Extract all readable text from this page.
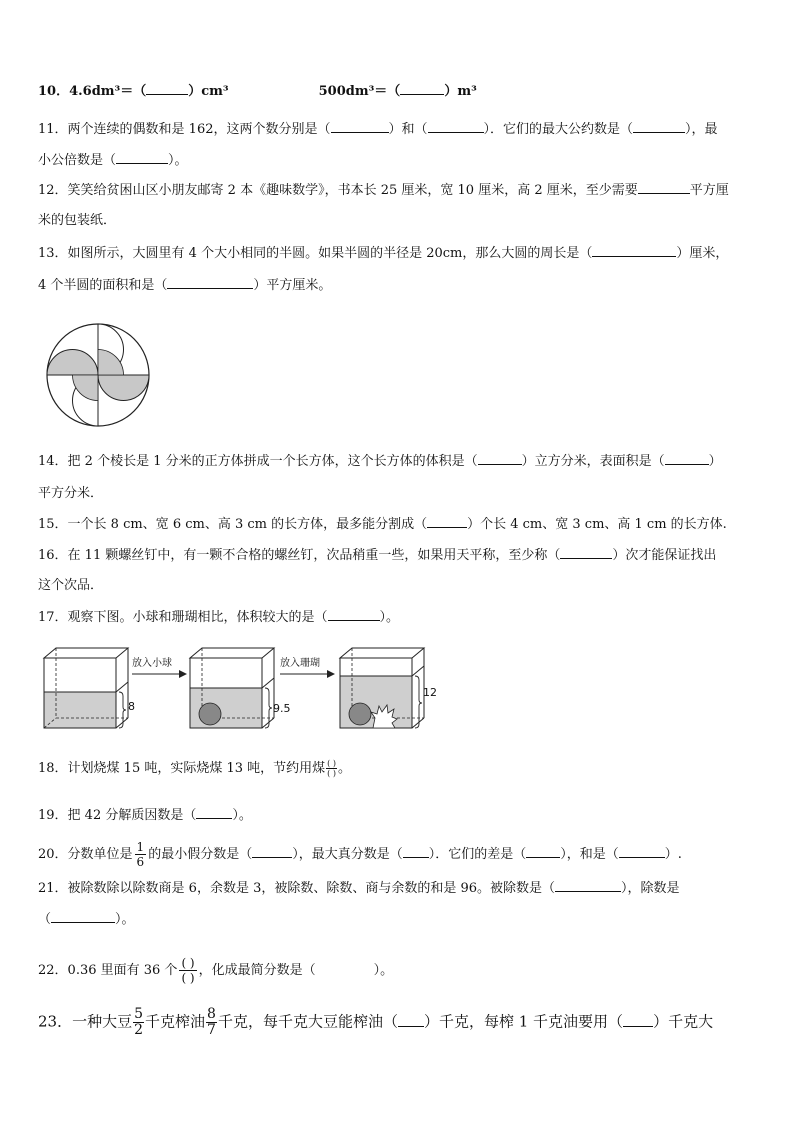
10．4.6dm³＝（	）cm³	500dm³＝（	）m³
11．两个连续的偶数和是 162，这两个数分别是（	）和（	）．它们的最大公约数是（	），最
小公倍数是（	）。
12．笑笑给贫困山区小朋友邮寄 2 本《趣味数学》，书本长 25 厘米，宽 10 厘米，高 2 厘米，至少需要	平方厘
米的包装纸．
13．如图所示，大圆里有 4 个大小相同的半圆。如果半圆的半径是 20cm，那么大圆的周长是（	）厘米，
4 个半圆的面积和是（	）平方厘米。
14．把 2 个棱长是 1 分米的正方体拼成一个长方体，这个长方体的体积是（	）立方分米，表面积是（	）
平方分米．
15．一个长 8 cm、宽 6 cm、高 3 cm 的长方体，最多能分割成（	）个长 4 cm、宽 3 cm、高 1 cm 的长方体.
16．在 11 颗螺丝钉中，有一颗不合格的螺丝钉，次品稍重一些，如果用天平称，至少称（	）次才能保证找出
这个次品．
17．观察下图。小球和珊瑚相比，体积较大的是（	）。
8
放入小球
9.5
放入珊瑚
12
18．计划烧煤 15 吨，实际烧煤 13 吨，节约用煤 $\frac{( )}{( )}$ 。
19．把 42 分解质因数是（	）。
20．分数单位是 $\frac{1}{6}$ 的最小假分数是（	），最大真分数是（ ）．它们的差是（	），和是（	）.
21．被除数除以除数商是 6，余数是 3，被除数、除数、商与余数的和是 96。被除数是（	），除数是
（	）。
22．0.36 里面有 36 个 $\frac{( )}{( )}$ ，化成最简分数是（	）。
23．一种大豆 $\frac{5}{2}$ 千克榨油 $\frac{8}{7}$ 千克，每千克大豆能榨油（ ）千克，每榨 1 千克油要用（ ）千克大
